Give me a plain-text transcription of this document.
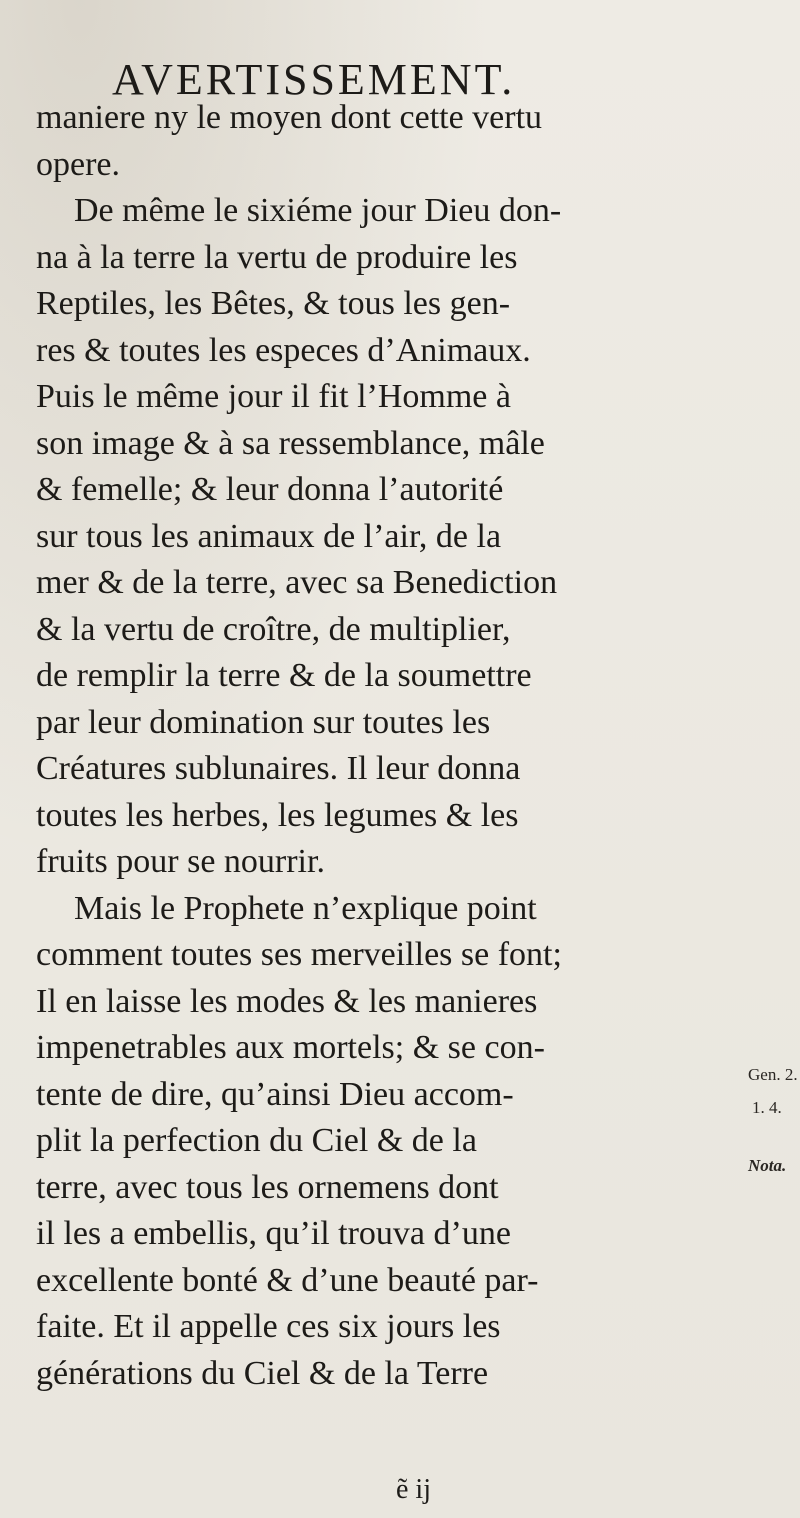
AVERTISSEMENT.
maniere ny le moyen dont cette vertu
opere.
De même le sixiéme jour Dieu don-
na à la terre la vertu de produire les
Reptiles, les Bêtes, & tous les gen-
res & toutes les especes d’Animaux.
Puis le même jour il fit l’Homme à
son image & à sa ressemblance, mâle
& femelle; & leur donna l’autorité
sur tous les animaux de l’air, de la
mer & de la terre, avec sa Benediction
& la vertu de croître, de multiplier,
de remplir la terre & de la soumettre
par leur domination sur toutes les
Créatures sublunaires. Il leur donna
toutes les herbes, les legumes & les
fruits pour se nourrir.
Mais le Prophete n’explique point
comment toutes ses merveilles se font;
Il en laisse les modes & les manieres
impenetrables aux mortels; & se con-
tente de dire, qu’ainsi Dieu accom-
plit la perfection du Ciel & de la
terre, avec tous les ornemens dont
il les a embellis, qu’il trouva d’une
excellente bonté & d’une beauté par-
faite. Et il appelle ces six jours les
générations du Ciel & de la Terre
Gen. 2.
1. 4.
Nota.
ẽ ij
